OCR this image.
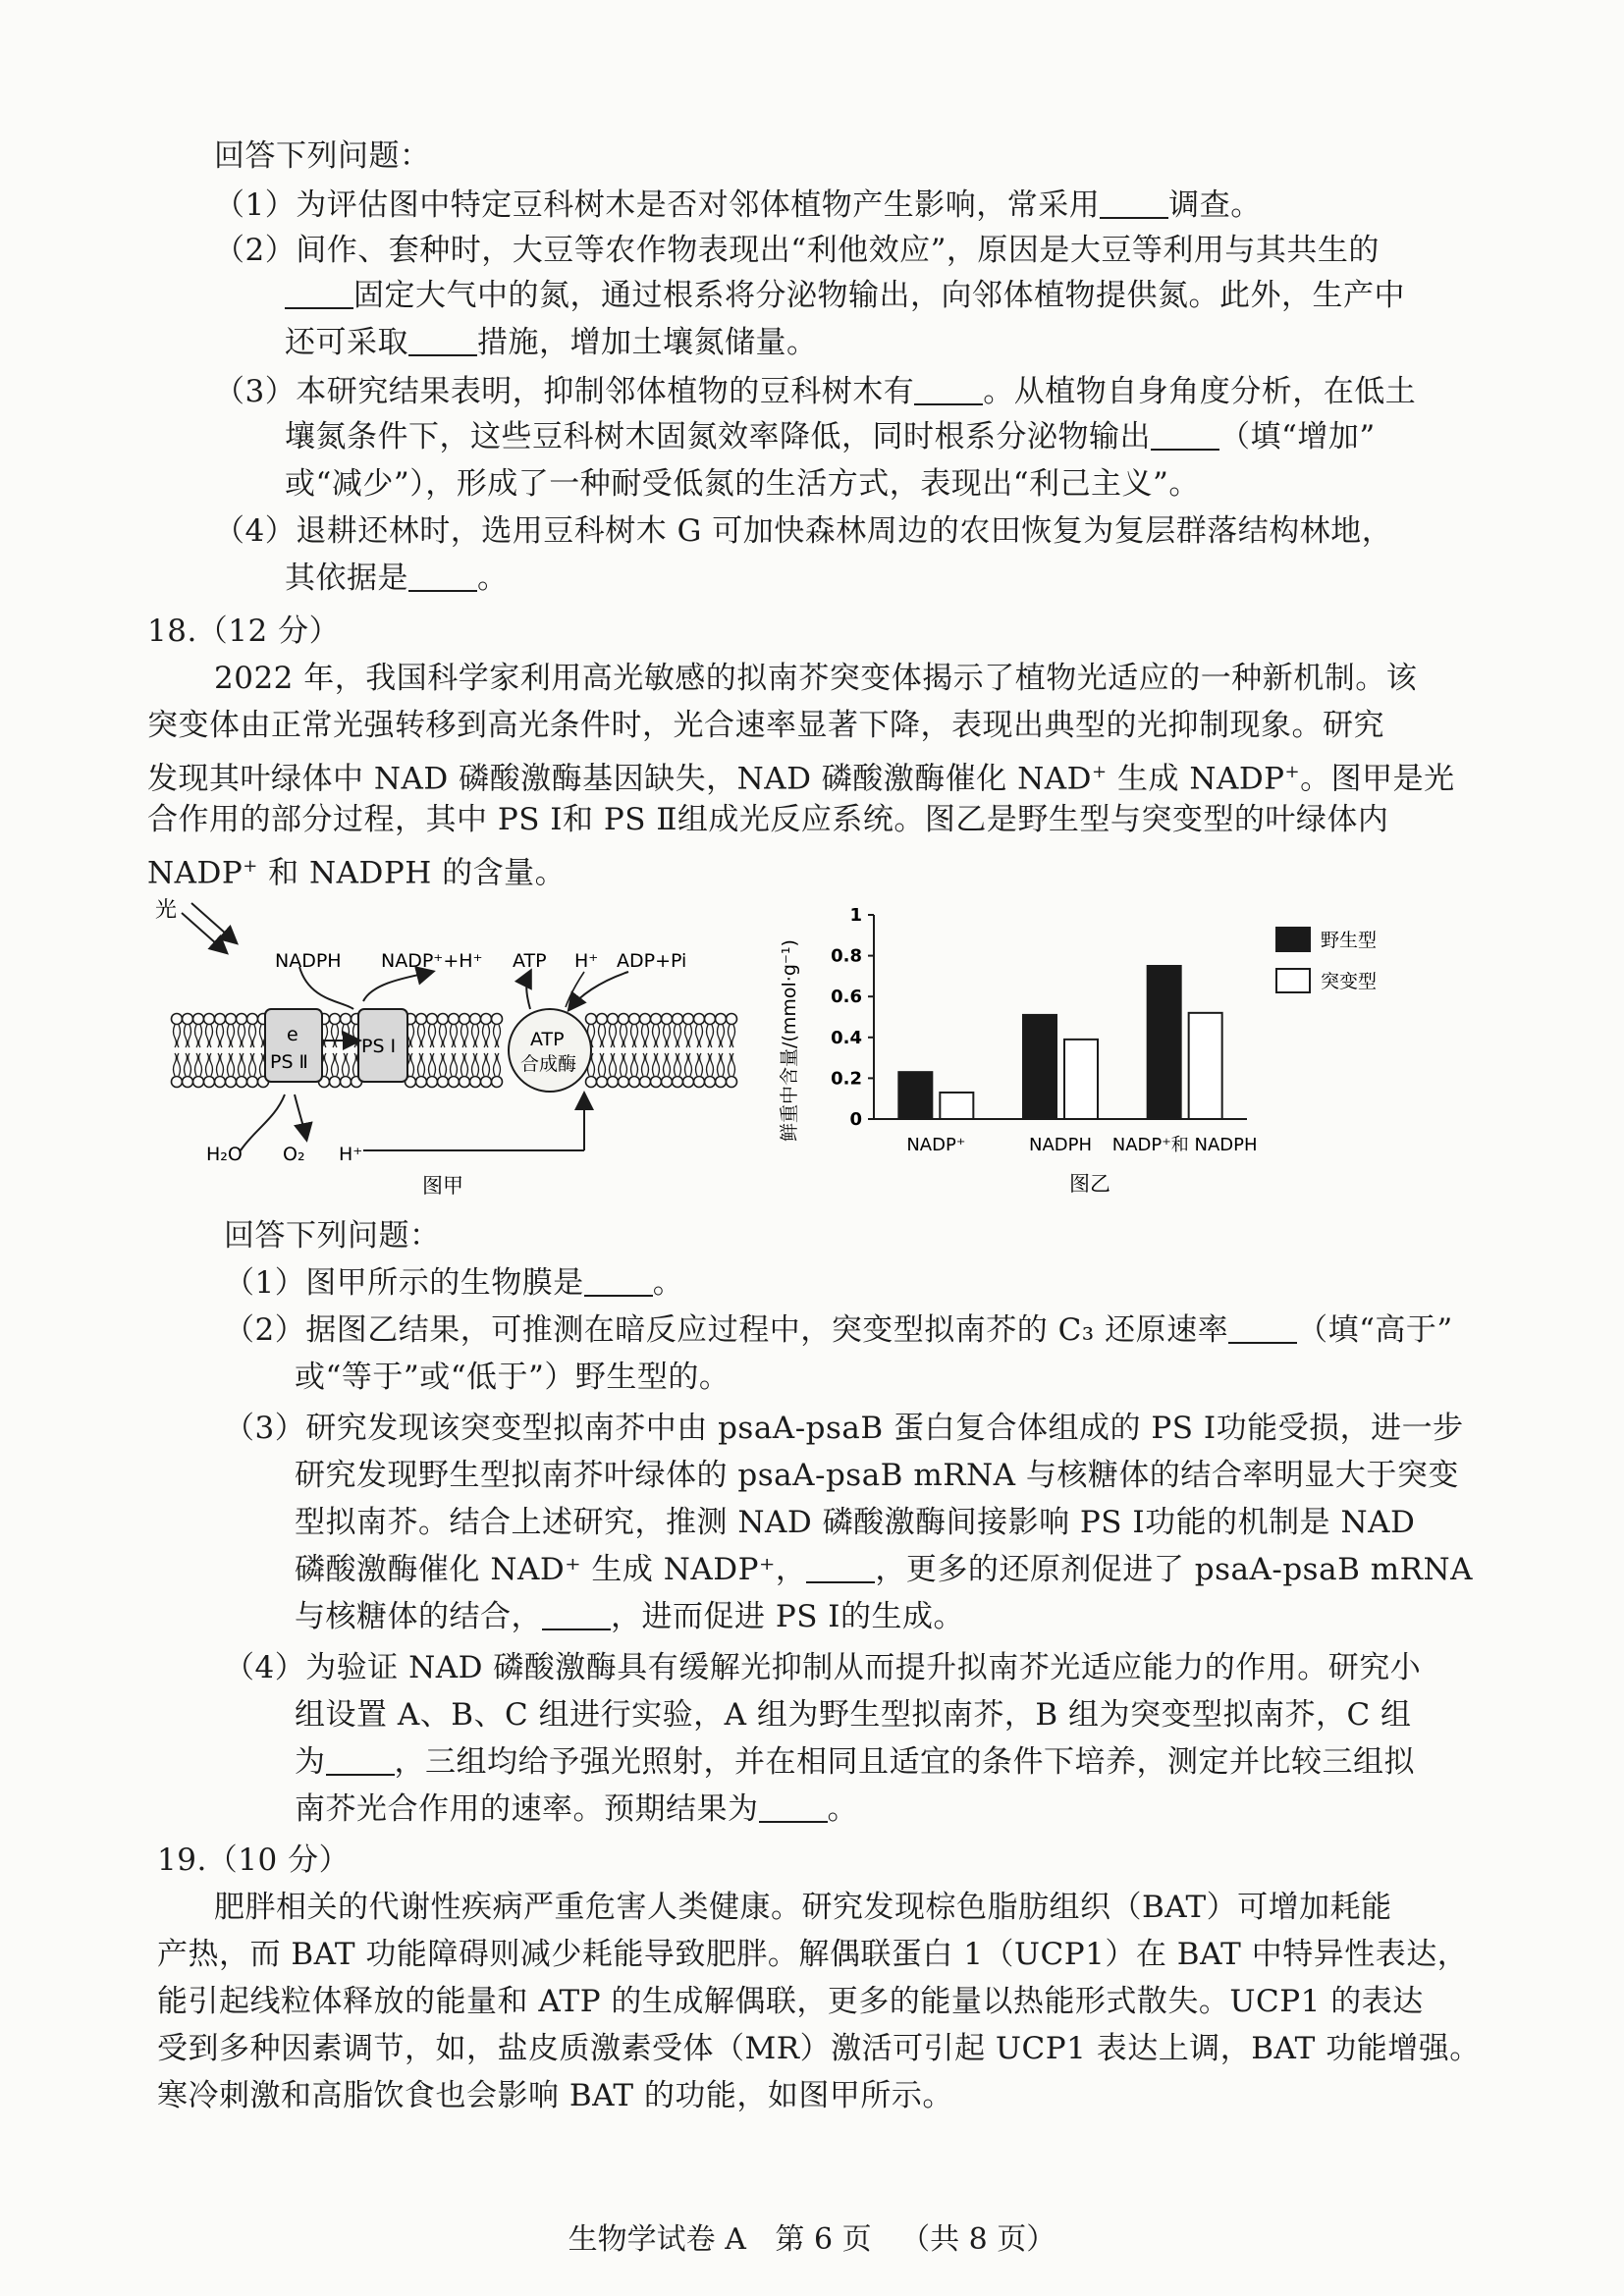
回答下列问题：
（1）为评估图中特定豆科树木是否对邻体植物产生影响，常采用 调查。
（2）间作、套种时，大豆等农作物表现出“利他效应”，原因是大豆等利用与其共生的
固定大气中的氮，通过根系将分泌物输出，向邻体植物提供氮。此外，生产中
还可采取 措施，增加土壤氮储量。
（3）本研究结果表明，抑制邻体植物的豆科树木有 。从植物自身角度分析，在低土
壤氮条件下，这些豆科树木固氮效率降低，同时根系分泌物输出 （填“增加”
或“减少”），形成了一种耐受低氮的生活方式，表现出“利己主义”。
（4）退耕还林时，选用豆科树木 G 可加快森林周边的农田恢复为复层群落结构林地，
其依据是 。
18.（12 分）
2022 年，我国科学家利用高光敏感的拟南芥突变体揭示了植物光适应的一种新机制。该
突变体由正常光强转移到高光条件时，光合速率显著下降，表现出典型的光抑制现象。研究
发现其叶绿体中 NAD 磷酸激酶基因缺失，NAD 磷酸激酶催化 NAD+ 生成 NADP+。图甲是光
合作用的部分过程，其中 PS Ⅰ和 PS Ⅱ组成光反应系统。图乙是野生型与突变型的叶绿体内
NADP+ 和 NADPH 的含量。
光
NADPH NADP⁺+H⁺ ATP H⁺ ADP+Pi
e
PS Ⅱ
PS Ⅰ	ATP
合成酶
H₂O O₂ H⁺
图甲
0
0.2
0.4
0.6
0.8
1
NADP⁺	NADPH NADP⁺和 NADPH
野生型
突变型
鲜重中含量/(mmol·g⁻¹)
图乙
回答下列问题：
（1）图甲所示的生物膜是 。
（2）据图乙结果，可推测在暗反应过程中，突变型拟南芥的 C₃ 还原速率 （填“高于”
或“等于”或“低于”）野生型的。
（3）研究发现该突变型拟南芥中由 psaA-psaB 蛋白复合体组成的 PS Ⅰ功能受损，进一步
研究发现野生型拟南芥叶绿体的 psaA-psaB mRNA 与核糖体的结合率明显大于突变
型拟南芥。结合上述研究，推测 NAD 磷酸激酶间接影响 PS Ⅰ功能的机制是 NAD
磷酸激酶催化 NAD⁺ 生成 NADP⁺， ，更多的还原剂促进了 psaA-psaB mRNA
与核糖体的结合， ，进而促进 PS Ⅰ的生成。
（4）为验证 NAD 磷酸激酶具有缓解光抑制从而提升拟南芥光适应能力的作用。研究小
组设置 A、B、C 组进行实验，A 组为野生型拟南芥，B 组为突变型拟南芥，C 组
为 ，三组均给予强光照射，并在相同且适宜的条件下培养，测定并比较三组拟
南芥光合作用的速率。预期结果为 。
19.（10 分）
肥胖相关的代谢性疾病严重危害人类健康。研究发现棕色脂肪组织（BAT）可增加耗能
产热，而 BAT 功能障碍则减少耗能导致肥胖。解偶联蛋白 1（UCP1）在 BAT 中特异性表达，
能引起线粒体释放的能量和 ATP 的生成解偶联，更多的能量以热能形式散失。UCP1 的表达
受到多种因素调节，如，盐皮质激素受体（MR）激活可引起 UCP1 表达上调，BAT 功能增强。
寒冷刺激和高脂饮食也会影响 BAT 的功能，如图甲所示。
生物学试卷 A 第 6 页 （共 8 页）
